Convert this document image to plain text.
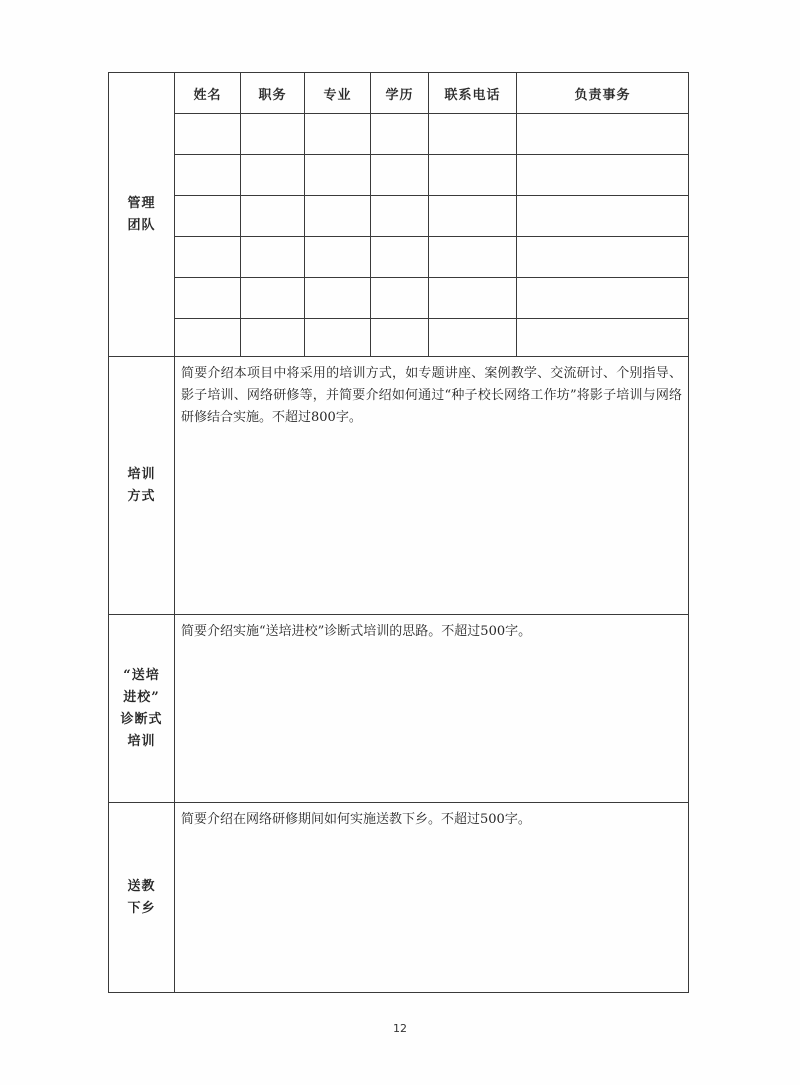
管理
团队	姓名	职务	专业	学历	联系电话	负责事务

培训
方式	简要介绍本项目中将采用的培训方式，如专题讲座、案例教学、交流研讨、个别指导、影子培训、网络研修等，并简要介绍如何通过“种子校长网络工作坊”将影子培训与网络研修结合实施。不超过800字。					

“送培
进校”
诊断式
培训	简要介绍实施“送培进校”诊断式培训的思路。不超过500字。					

送教
下乡	简要介绍在网络研修期间如何实施送教下乡。不超过500字。					
12
